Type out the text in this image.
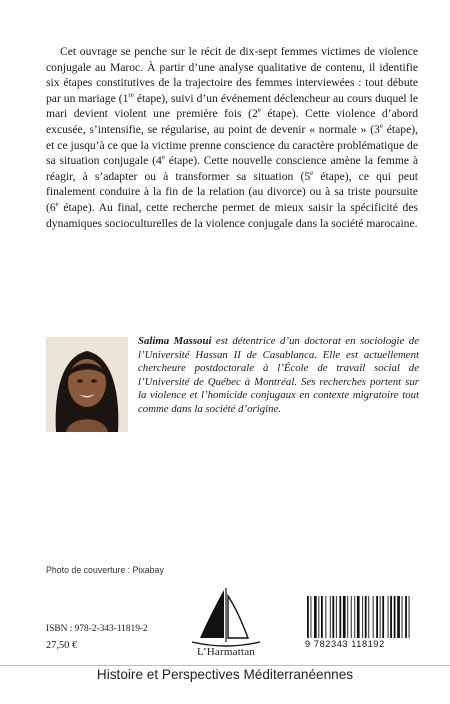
Cet ouvrage se penche sur le récit de dix-sept femmes victimes de violence conjugale au Maroc. À partir d’une analyse qualitative de contenu, il identifie six étapes constitutives de la trajectoire des femmes interviewées : tout débute par un mariage (1re étape), suivi d’un événement déclencheur au cours duquel le mari devient violent une première fois (2e étape). Cette violence d’abord excusée, s’intensifie, se régularise, au point de devenir « normale » (3e étape), et ce jusqu’à ce que la victime prenne conscience du caractère problématique de sa situation conjugale (4e étape). Cette nouvelle conscience amène la femme à réagir, à s’adapter ou à transformer sa situation (5e étape), ce qui peut finalement conduire à la fin de la relation (au divorce) ou à sa triste poursuite (6e étape). Au final, cette recherche permet de mieux saisir la spécificité des dynamiques socioculturelles de la violence conjugale dans la société marocaine.

Salima Massoui est détentrice d’un doctorat en sociologie de l’Université Hassan II de Casablanca. Elle est actuellement chercheure postdoctorale à l’École de travail social de l’Université de Québec à Montréal. Ses recherches portent sur la violence et l’homicide conjugaux en contexte migratoire tout comme dans la société d’origine.

Photo de couverture : Pixabay
ISBN : 978-2-343-11819-2
27,50 €
L’Harmattan
9 782343 118192
Histoire et Perspectives Méditerranéennes
